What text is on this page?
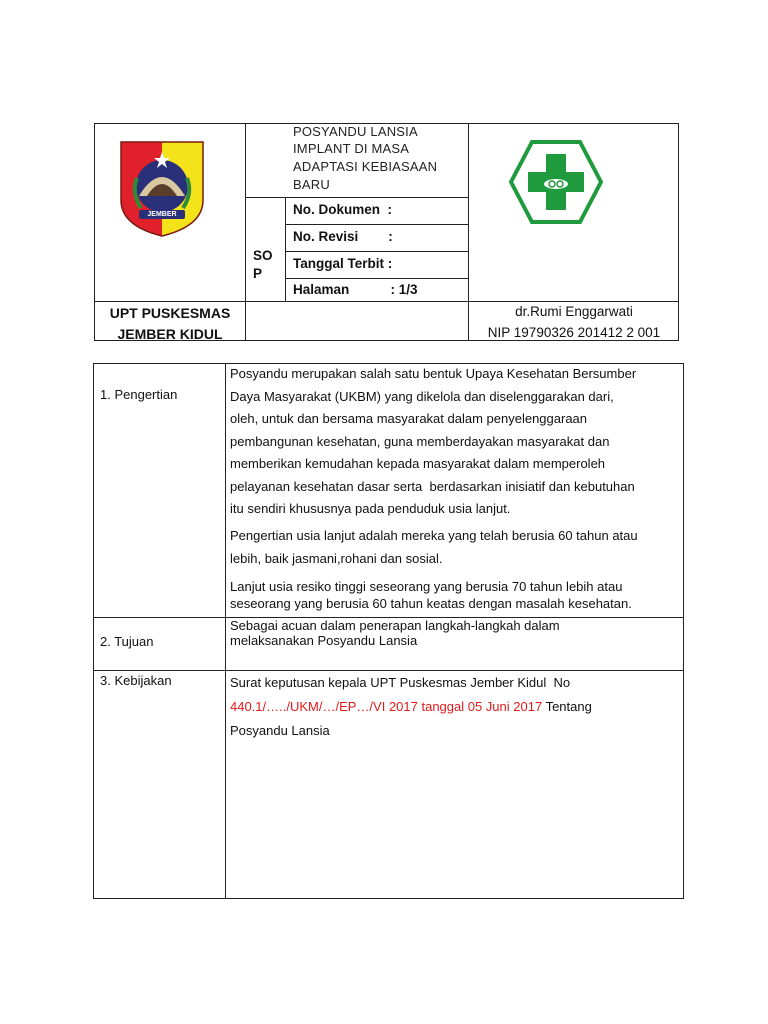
JEMBER
POSYANDU LANSIA
IMPLANT DI MASA
ADAPTASI KEBIASAAN
BARU
SO
P
No. Dokumen  :
No. Revisi        :
Tanggal Terbit :
Halaman           : 1/3
UPT PUSKESMAS
JEMBER KIDUL
dr.Rumi Enggarwati
NIP 19790326 201412 2 001
1. Pengertian
2. Tujuan
3. Kebijakan
Posyandu merupakan salah satu bentuk Upaya Kesehatan Bersumber
Daya Masyarakat (UKBM) yang dikelola dan diselenggarakan dari,
oleh, untuk dan bersama masyarakat dalam penyelenggaraan
pembangunan kesehatan, guna memberdayakan masyarakat dan
memberikan kemudahan kepada masyarakat dalam memperoleh
pelayanan kesehatan dasar serta  berdasarkan inisiatif dan kebutuhan
itu sendiri khususnya pada penduduk usia lanjut.
Pengertian usia lanjut adalah mereka yang telah berusia 60 tahun atau
lebih, baik jasmani,rohani dan sosial.
Lanjut usia resiko tinggi seseorang yang berusia 70 tahun lebih atau
seseorang yang berusia 60 tahun keatas dengan masalah kesehatan.
Sebagai acuan dalam penerapan langkah-langkah dalam
melaksanakan Posyandu Lansia
Surat keputusan kepala UPT Puskesmas Jember Kidul  No
440.1/…../UKM/…/EP…/VI 2017 tanggal 05 Juni 2017 Tentang
Posyandu Lansia
